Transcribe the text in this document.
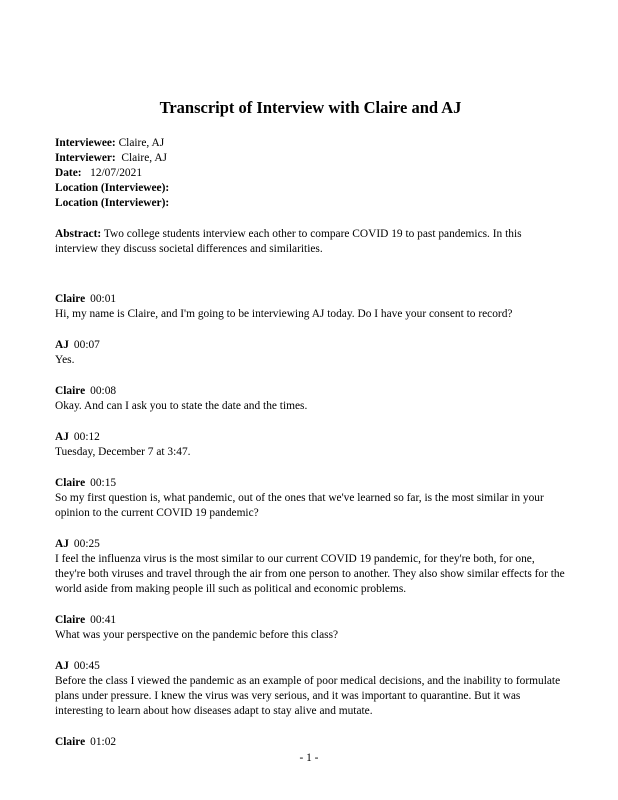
Transcript of Interview with Claire and AJ
Interviewee: Claire, AJ
Interviewer: Claire, AJ
Date: 12/07/2021
Location (Interviewee):
Location (Interviewer):
Abstract: Two college students interview each other to compare COVID 19 to past pandemics. In this interview they discuss societal differences and similarities.
Claire 00:01
Hi, my name is Claire, and I'm going to be interviewing AJ today. Do I have your consent to record?
AJ 00:07
Yes.
Claire 00:08
Okay. And can I ask you to state the date and the times.
AJ 00:12
Tuesday, December 7 at 3:47.
Claire 00:15
So my first question is, what pandemic, out of the ones that we've learned so far, is the most similar in your opinion to the current COVID 19 pandemic?
AJ 00:25
I feel the influenza virus is the most similar to our current COVID 19 pandemic, for they're both, for one, they're both viruses and travel through the air from one person to another. They also show similar effects for the world aside from making people ill such as political and economic problems.
Claire 00:41
What was your perspective on the pandemic before this class?
AJ 00:45
Before the class I viewed the pandemic as an example of poor medical decisions, and the inability to formulate plans under pressure. I knew the virus was very serious, and it was important to quarantine. But it was interesting to learn about how diseases adapt to stay alive and mutate.
Claire 01:02
- 1 -
